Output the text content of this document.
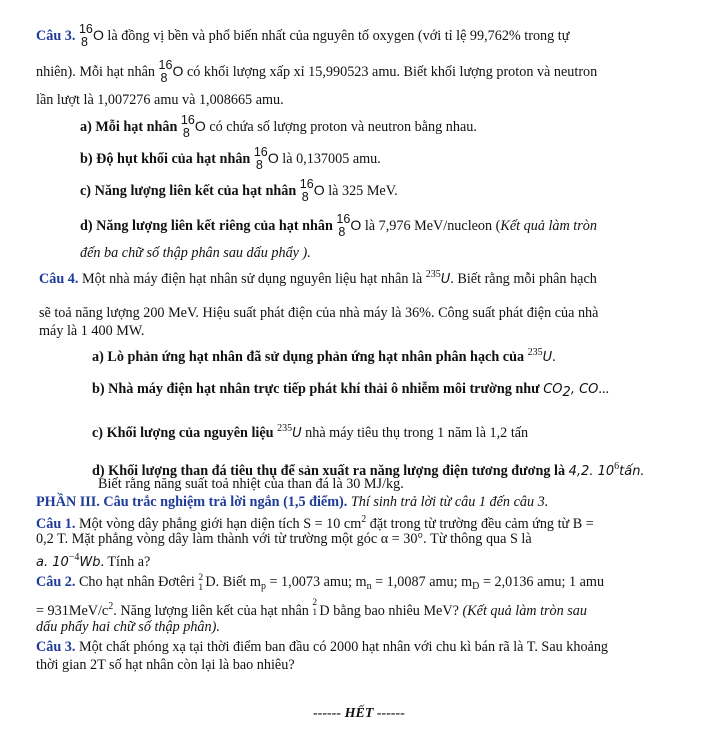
Câu 3. 16
8 O là đồng vị bền và phổ biến nhất của nguyên tố oxygen (với tỉ lệ 99,762% trong tự
nhiên). Mỗi hạt nhân 16
8 O có khối lượng xấp xỉ 15,990523 amu. Biết khối lượng proton và neutron
lần lượt là 1,007276 amu và 1,008665 amu.
a) Mỗi hạt nhân 16
8 O có chứa số lượng proton và neutron bằng nhau.
b) Độ hụt khối của hạt nhân 16
8 O là 0,137005 amu.
c) Năng lượng liên kết của hạt nhân 16
8 O là 325 MeV.
d) Năng lượng liên kết riêng của hạt nhân 16
8 O là 7,976 MeV/nucleon (Kết quả làm tròn
đến ba chữ số thập phân sau dấu phẩy ).
Câu 4. Một nhà máy điện hạt nhân sử dụng nguyên liệu hạt nhân là $^{235}$U. Biết rằng mỗi phân hạch
sẽ toả năng lượng 200 MeV. Hiệu suất phát điện của nhà máy là 36%. Công suất phát điện của nhà
máy là 1 400 MW.
a) Lò phản ứng hạt nhân đã sử dụng phản ứng hạt nhân phân hạch của $^{235}$U.
b) Nhà máy điện hạt nhân trực tiếp phát khí thải ô nhiễm môi trường như CO2, CO...
c) Khối lượng của nguyên liệu $^{235}$U nhà máy tiêu thụ trong 1 năm là 1,2 tấn
d) Khối lượng than đá tiêu thụ để sản xuất ra năng lượng điện tương đương là 4,2. $10^6tấn$.
Biết rằng năng suất toả nhiệt của than đá là 30 MJ/kg.
PHẦN III. Câu trắc nghiệm trả lời ngắn (1,5 điểm). Thí sinh trả lời từ câu 1 đến câu 3.
Câu 1. Một vòng dây phẳng giới hạn diện tích S = 10 $cm^2$ đặt trong từ trường đều cảm ứng từ B =
0,2 T. Mặt phẳng vòng dây làm thành với từ trường một góc α = 30°. Từ thông qua S là
a. $10^{-4}Wb$. Tính a?
Câu 2. Cho hạt nhân Đơtêri 2
1 D. Biết $m_p = 1,0073$ amu; $m_n = 1,0087$ amu; $m_D = 2,0136$ amu; 1 amu
= $931MeV/c^2$. Năng lượng liên kết của hạt nhân 2
1 D bằng bao nhiêu MeV? (Kết quả làm tròn sau
dấu phẩy hai chữ số thập phân).
Câu 3. Một chất phóng xạ tại thời điểm ban đầu có 2000 hạt nhân với chu kì bán rã là T. Sau khoảng
thời gian 2T số hạt nhân còn lại là bao nhiêu?
------ HẾT ------
